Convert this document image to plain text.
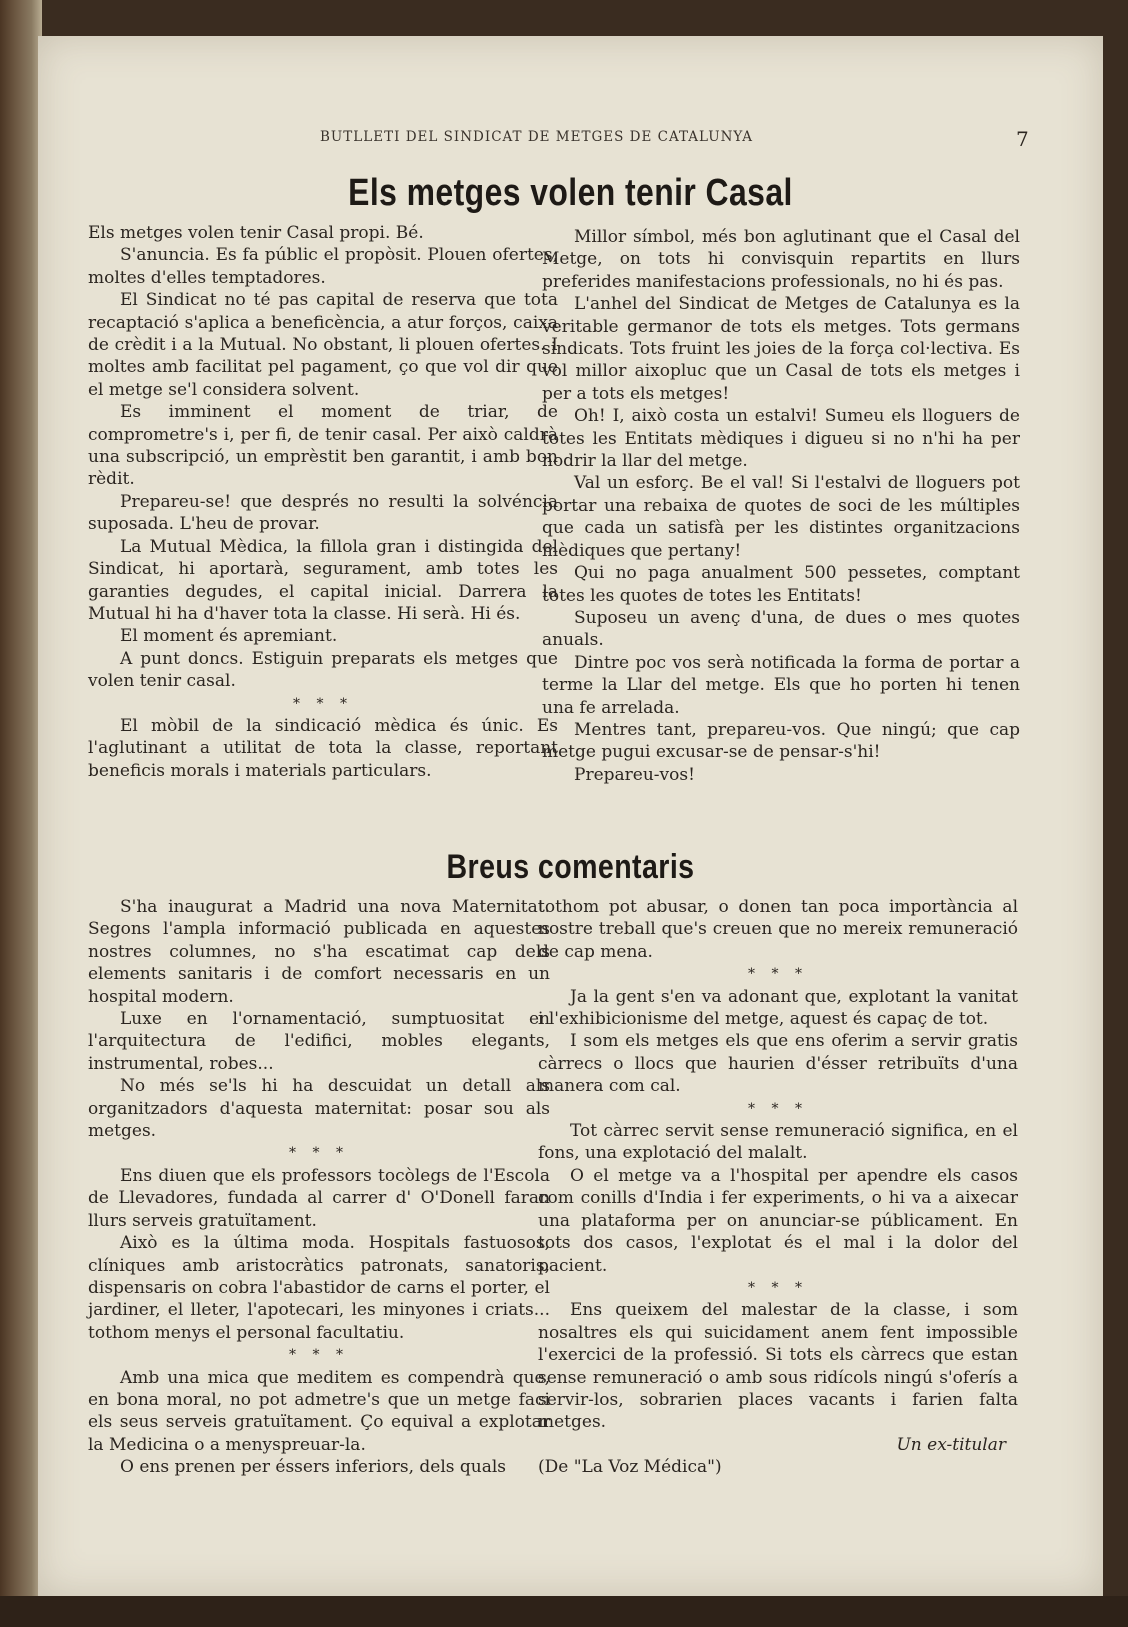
BUTLLETI DEL SINDICAT DE METGES DE CATALUNYA	7
Els metges volen tenir Casal

Els metges volen tenir Casal propi. Bé.

S'anuncia. Es fa públic el propòsit. Plouen ofertes, moltes d'elles temptadores.

El Sindicat no té pas capital de reserva que tota recaptació s'aplica a beneficència, a atur forços, caixa de crèdit i a la Mutual. No obstant, li plouen ofertes. I moltes amb facilitat pel pagament, ço que vol dir que el metge se'l considera solvent.

Es imminent el moment de triar, de comprometre's i, per fi, de tenir casal. Per això caldrà una subscripció, un emprèstit ben garantit, i amb bon rèdit.

Prepareu-se! que després no resulti la solvéncia suposada. L'heu de provar.

La Mutual Mèdica, la fillola gran i distingida del Sindicat, hi aportarà, segurament, amb totes les garanties degudes, el capital inicial. Darrera la Mutual hi ha d'haver tota la classe. Hi serà. Hi és.

El moment és apremiant.

A punt doncs. Estiguin preparats els metges que volen tenir casal.

* * *

El mòbil de la sindicació mèdica és únic. Es l'aglutinant a utilitat de tota la classe, reportant beneficis morals i materials particulars.

Millor símbol, més bon aglutinant que el Casal del Metge, on tots hi convisquin repartits en llurs preferides manifestacions professionals, no hi és pas.

L'anhel del Sindicat de Metges de Catalunya es la veritable germanor de tots els metges. Tots germans sindicats. Tots fruint les joies de la força col·lectiva. Es vol millor aixopluc que un Casal de tots els metges i per a tots els metges!

Oh! I, això costa un estalvi! Sumeu els lloguers de totes les Entitats mèdiques i digueu si no n'hi ha per nodrir la llar del metge.

Val un esforç. Be el val! Si l'estalvi de lloguers pot portar una rebaixa de quotes de soci de les múltiples que cada un satisfà per les distintes organitzacions mèdiques que pertany!

Qui no paga anualment 500 pessetes, comptant totes les quotes de totes les Entitats!

Suposeu un avenç d'una, de dues o mes quotes anuals.

Dintre poc vos serà notificada la forma de portar a terme la Llar del metge. Els que ho porten hi tenen una fe arrelada.

Mentres tant, prepareu-vos. Que ningú; que cap metge pugui excusar-se de pensar-s'hi!

Prepareu-vos!

Breus comentaris

S'ha inaugurat a Madrid una nova Maternitat. Segons l'ampla informació publicada en aquestes nostres columnes, no s'ha escatimat cap dels elements sanitaris i de comfort necessaris en un hospital modern.

Luxe en l'ornamentació, sumptuositat en l'arquitectura de l'edifici, mobles elegants, instrumental, robes...

No més se'ls hi ha descuidat un detall als organitzadors d'aquesta maternitat: posar sou als metges.

* * *

Ens diuen que els professors tocòlegs de l'Escola de Llevadores, fundada al carrer d' O'Donell faran llurs serveis gratuïtament.

Això es la última moda. Hospitals fastuosos, clíniques amb aristocràtics patronats, sanatoris, dispensaris on cobra l'abastidor de carns el porter, el jardiner, el lleter, l'apotecari, les minyones i criats... tothom menys el personal facultatiu.

* * *

Amb una mica que meditem es compendrà que, en bona moral, no pot admetre's que un metge faci els seus serveis gratuïtament. Ço equival a explotar la Medicina o a menyspreuar-la.

O ens prenen per éssers inferiors, dels quals

tothom pot abusar, o donen tan poca importància al nostre treball que's creuen que no mereix remuneració de cap mena.

* * *

Ja la gent s'en va adonant que, explotant la vanitat i l'exhibicionisme del metge, aquest és capaç de tot.

I som els metges els que ens oferim a servir gratis càrrecs o llocs que haurien d'ésser retribuïts d'una manera com cal.

* * *

Tot càrrec servit sense remuneració significa, en el fons, una explotació del malalt.

O el metge va a l'hospital per apendre els casos com conills d'India i fer experiments, o hi va a aixecar una plataforma per on anunciar-se públicament. En tots dos casos, l'explotat és el mal i la dolor del pacient.

* * *

Ens queixem del malestar de la classe, i som nosaltres els qui suicidament anem fent impossible l'exercici de la professió. Si tots els càrrecs que estan sense remuneració o amb sous ridícols ningú s'oferís a servir-los, sobrarien places vacants i farien falta metges.

Un ex-titular

(De "La Voz Médica")
